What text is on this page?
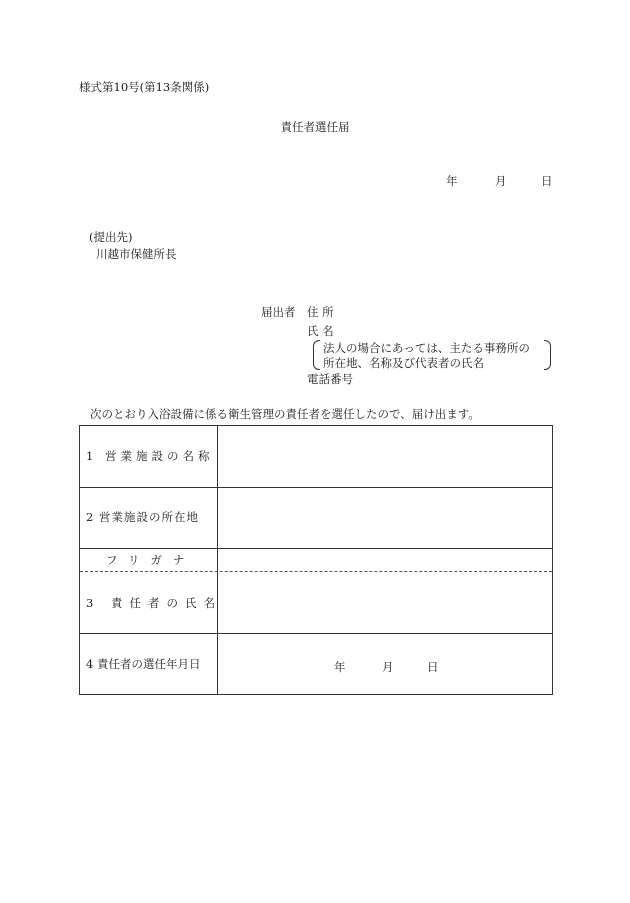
様式第10号(第13条関係)
責任者選任届
年	月	日
(提出先)
川越市保健所長
届出者 住 所
氏 名
法人の場合にあっては、主たる事務所の
所在地、名称及び代表者の氏名
電話番号
次のとおり入浴設備に係る衛生管理の責任者を選任したので、届け出ます。
1 営業施設の名称
2 営業施設の所在地
フリガナ
3 責任者の氏名
4 責任者の選任年月日	年	月	日
